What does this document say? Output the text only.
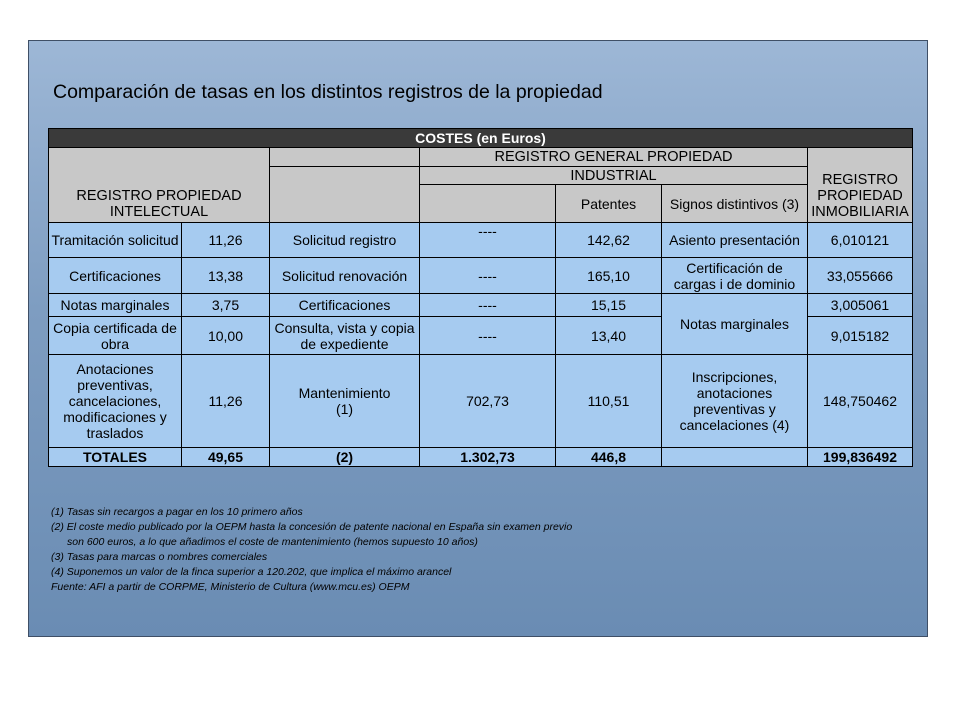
Comparación de tasas en los distintos registros de la propiedad
COSTES (en Euros)						
REGISTRO PROPIEDAD INTELECTUAL			REGISTRO GENERAL PROPIEDAD			REGISTRO PROPIEDAD INMOBILIARIA
			INDUSTRIAL			
				Patentes	Signos distintivos (3)	
Tramitación solicitud	11,26	Solicitud registro	----	142,62	Asiento presentación	6,010121
Certificaciones	13,38	Solicitud renovación	----	165,10	Certificación de cargas i de dominio	33,055666
Notas marginales	3,75	Certificaciones	----	15,15	Notas marginales	3,005061
Copia certificada de obra	10,00	Consulta, vista y copia de expediente	----	13,40		9,015182
Anotaciones preventivas, cancelaciones, modificaciones y traslados	11,26	Mantenimiento (1)	702,73	110,51	Inscripciones, anotaciones preventivas y cancelaciones (4)	148,750462
TOTALES	49,65	(2)	1.302,73	446,8		199,836492
(1) Tasas sin recargos a pagar en los 10 primero años
(2) El coste medio publicado por la OEPM hasta la concesión de patente nacional en España sin examen previo
son 600 euros, a lo que añadimos el coste de mantenimiento (hemos supuesto 10 años)
(3) Tasas para marcas o nombres comerciales
(4) Suponemos un valor de la finca superior a 120.202, que implica el máximo arancel
Fuente: AFI a partir de CORPME, Ministerio de Cultura (www.mcu.es) OEPM
